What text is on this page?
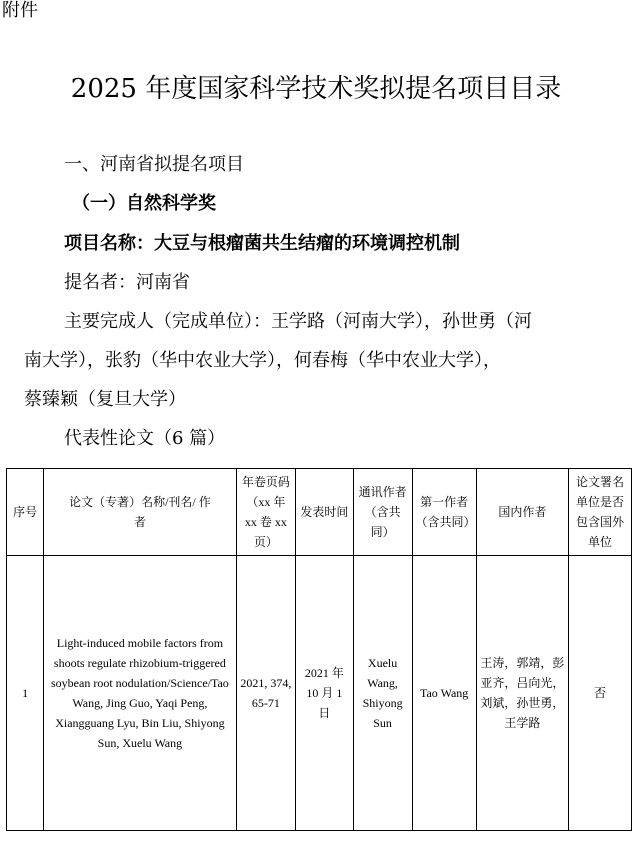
附件
2025 年度国家科学技术奖拟提名项目目录
一、河南省拟提名项目
（一）自然科学奖
项目名称：大豆与根瘤菌共生结瘤的环境调控机制
提名者：河南省
主要完成人（完成单位）：王学路（河南大学），孙世勇（河
南大学），张豹（华中农业大学），何春梅（华中农业大学），
蔡臻颖（复旦大学）
代表性论文（6 篇）
序号	论文（专著）名称/刊名/ 作者	年卷页码（xx 年 xx 卷 xx 页）	发表时间	通讯作者（含共同）	第一作者（含共同）	国内作者	论文署名单位是否包含国外单位
1	Light-induced mobile factors from shoots regulate rhizobium-triggered soybean root nodulation/Science/Tao Wang, Jing Guo, Yaqi Peng, Xiangguang Lyu, Bin Liu, Shiyong Sun, Xuelu Wang	2021, 374, 65-71	2021 年 10 月 1 日	Xuelu Wang, Shiyong Sun	Tao Wang	王涛，郭靖，彭亚齐，吕向光，刘斌，孙世勇，王学路	否
